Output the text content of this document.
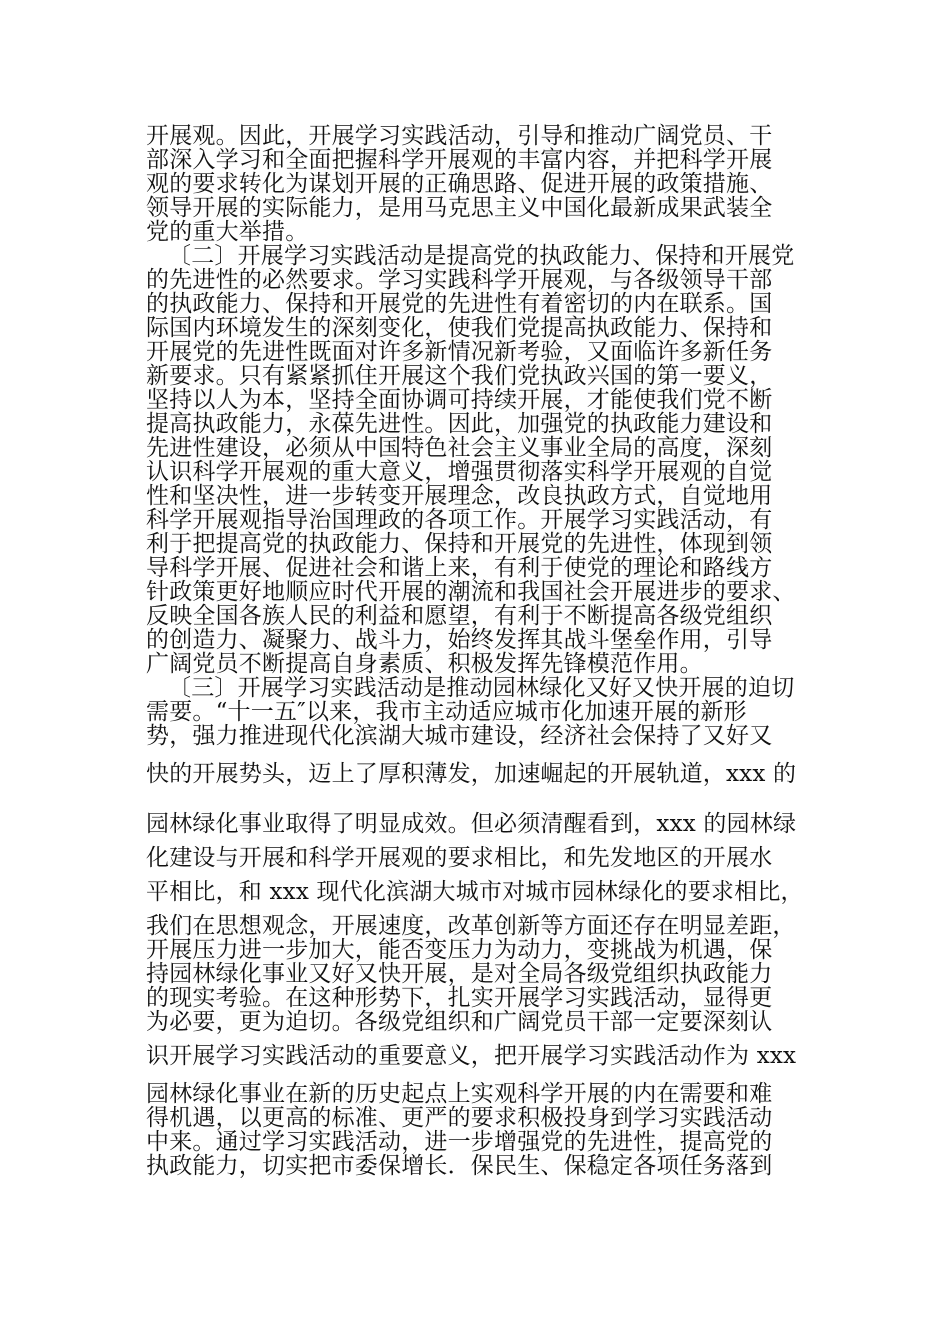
开展观。因此，开展学习实践活动，引导和推动广阔党员、干
部深入学习和全面把握科学开展观的丰富内容，并把科学开展
观的要求转化为谋划开展的正确思路、促进开展的政策措施、
领导开展的实际能力，是用马克思主义中国化最新成果武装全
党的重大举措。
〔二〕开展学习实践活动是提高党的执政能力、保持和开展党
的先进性的必然要求。学习实践科学开展观，与各级领导干部
的执政能力、保持和开展党的先进性有着密切的内在联系。国
际国内环境发生的深刻变化，使我们党提高执政能力、保持和
开展党的先进性既面对许多新情况新考验，又面临许多新任务
新要求。只有紧紧抓住开展这个我们党执政兴国的第一要义，
坚持以人为本，坚持全面协调可持续开展，才能使我们党不断
提高执政能力，永葆先进性。因此，加强党的执政能力建设和
先进性建设，必须从中国特色社会主义事业全局的高度，深刻
认识科学开展观的重大意义，增强贯彻落实科学开展观的自觉
性和坚决性，进一步转变开展理念，改良执政方式，自觉地用
科学开展观指导治国理政的各项工作。开展学习实践活动，有
利于把提高党的执政能力、保持和开展党的先进性，体现到领
导科学开展、促进社会和谐上来，有利于使党的理论和路线方
针政策更好地顺应时代开展的潮流和我国社会开展进步的要求、
反映全国各族人民的利益和愿望，有利于不断提高各级党组织
的创造力、凝聚力、战斗力，始终发挥其战斗堡垒作用，引导
广阔党员不断提高自身素质、积极发挥先锋模范作用。
〔三〕开展学习实践活动是推动园林绿化又好又快开展的迫切
需要。“十一五″以来，我市主动适应城市化加速开展的新形
势，强力推进现代化滨湖大城市建设，经济社会保持了又好又
快的开展势头，迈上了厚积薄发，加速崛起的开展轨道，xxx 的
园林绿化事业取得了明显成效。但必须清醒看到，xxx 的园林绿
化建设与开展和科学开展观的要求相比，和先发地区的开展水
平相比，和 xxx 现代化滨湖大城市对城市园林绿化的要求相比，
我们在思想观念，开展速度，改革创新等方面还存在明显差距，
开展压力进一步加大，能否变压力为动力，变挑战为机遇，保
持园林绿化事业又好又快开展，是对全局各级党组织执政能力
的现实考验。在这种形势下，扎实开展学习实践活动，显得更
为必要，更为迫切。各级党组织和广阔党员干部一定要深刻认
识开展学习实践活动的重要意义，把开展学习实践活动作为 xxx
园林绿化事业在新的历史起点上实观科学开展的内在需要和难
得机遇，以更高的标准、更严的要求积极投身到学习实践活动
中来。通过学习实践活动，进一步增强党的先进性，提高党的
执政能力，切实把市委保增长．保民生、保稳定各项任务落到
